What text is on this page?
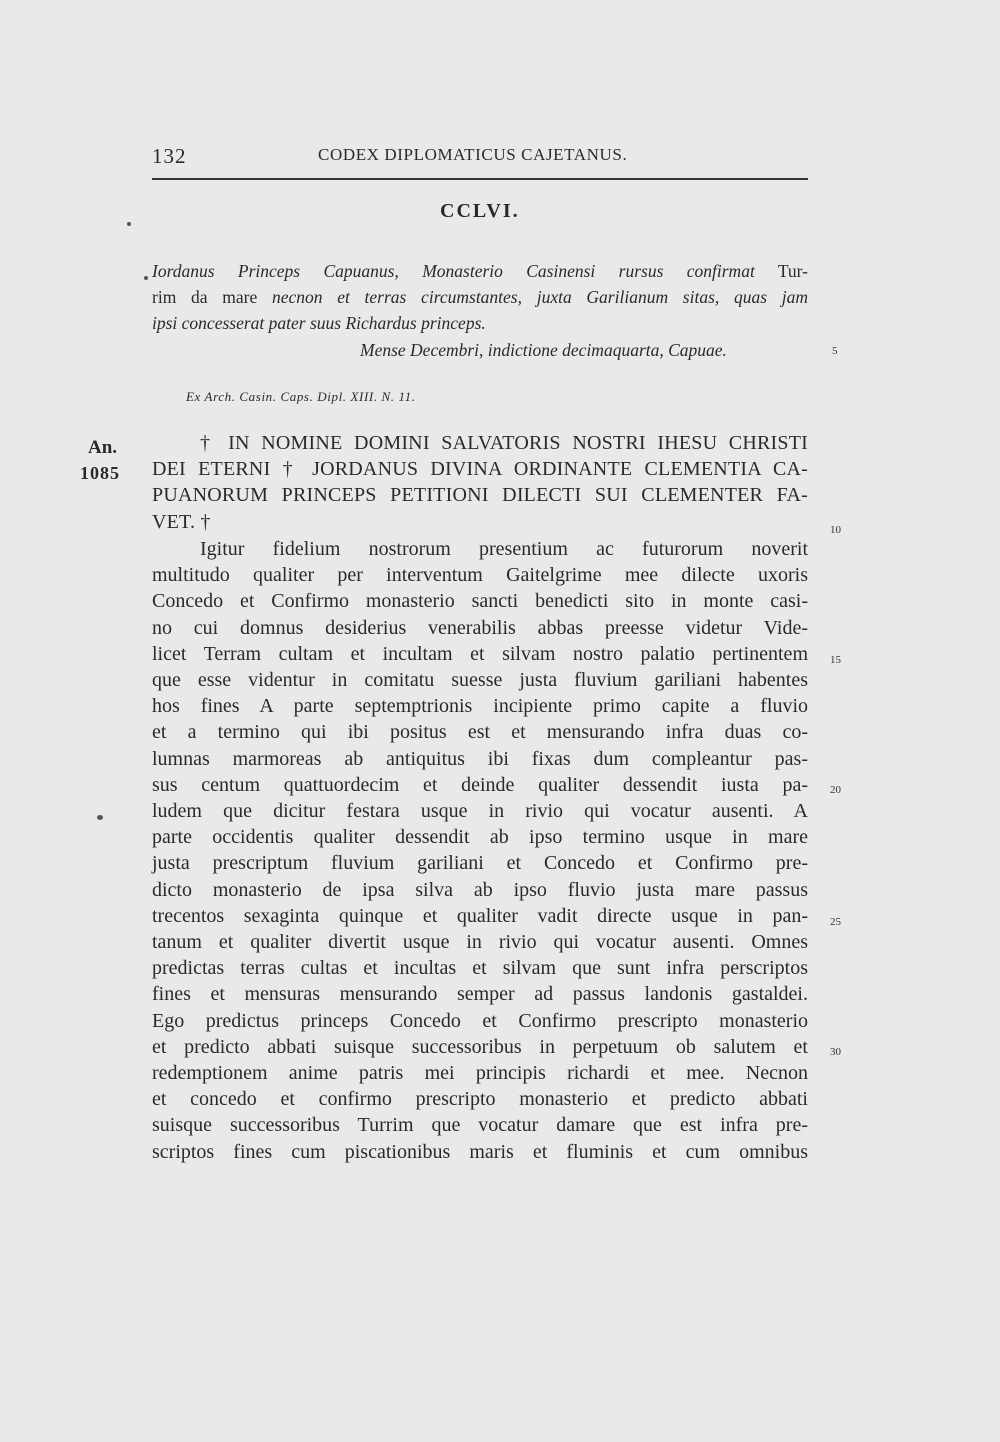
132	CODEX DIPLOMATICUS CAJETANUS.
CCLVI.
Iordanus Princeps Capuanus, Monasterio Casinensi rursus confirmat Tur-
rim da mare necnon et terras circumstantes, juxta Garilianum sitas, quas jam
ipsi concesserat pater suus Richardus princeps.
Mense Decembri, indictione decimaquarta, Capuae.	5
Ex Arch. Casin. Caps. Dipl. XIII. N. 11.
An.
1085
† IN NOMINE DOMINI SALVATORIS NOSTRI IHESU CHRISTI
DEI ETERNI † JORDANUS DIVINA ORDINANTE CLEMENTIA CA-
PUANORUM PRINCEPS PETITIONI DILECTI SUI CLEMENTER FA-
VET. †	10
Igitur fidelium nostrorum presentium ac futurorum noverit
multitudo qualiter per interventum Gaitelgrime mee dilecte uxoris
Concedo et Confirmo monasterio sancti benedicti sito in monte casi-
no cui domnus desiderius venerabilis abbas preesse videtur Vide-
licet Terram cultam et incultam et silvam nostro palatio pertinentem
que esse videntur in comitatu suesse justa fluvium gariliani habentes
hos fines A parte septemptrionis incipiente primo capite a fluvio
et a termino qui ibi positus est et mensurando infra duas co-
lumnas marmoreas ab antiquitus ibi fixas dum compleantur pas-
sus centum quattuordecim et deinde qualiter dessendit iusta pa-
ludem que dicitur festara usque in rivio qui vocatur ausenti. A
parte occidentis qualiter dessendit ab ipso termino usque in mare
justa prescriptum fluvium gariliani et Concedo et Confirmo pre-
dicto monasterio de ipsa silva ab ipso fluvio justa mare passus
trecentos sexaginta quinque et qualiter vadit directe usque in pan-
tanum et qualiter divertit usque in rivio qui vocatur ausenti. Omnes
predictas terras cultas et incultas et silvam que sunt infra perscriptos
fines et mensuras mensurando semper ad passus landonis gastaldei.
Ego predictus princeps Concedo et Confirmo prescripto monasterio
et predicto abbati suisque successoribus in perpetuum ob salutem et
redemptionem anime patris mei principis richardi et mee. Necnon
et concedo et confirmo prescripto monasterio et predicto abbati
suisque successoribus Turrim que vocatur damare que est infra pre-
scriptos fines cum piscationibus maris et fluminis et cum omnibus
15
20
25
30
